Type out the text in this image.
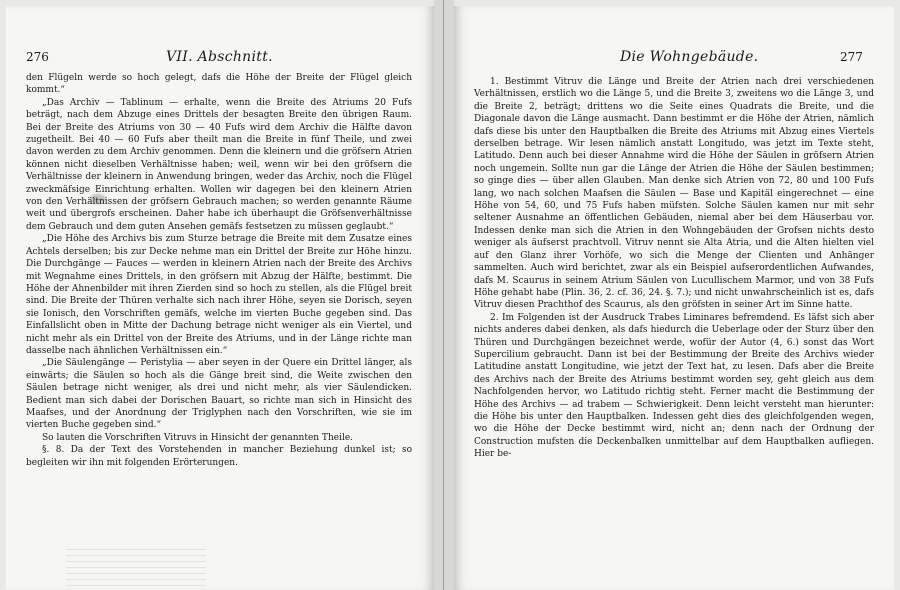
276	VII. Abschnitt.

den Flügeln werde so hoch gelegt, dafs die Höhe der Breite der Flügel gleich kommt.“

„Das Archiv — Tablinum — erhalte, wenn die Breite des Atriums 20 Fufs beträgt, nach dem Abzuge eines Drittels der besagten Breite den übrigen Raum. Bei der Breite des Atriums von 30 — 40 Fufs wird dem Archiv die Hälfte davon zugetheilt. Bei 40 — 60 Fufs aber theilt man die Breite in fünf Theile, und zwei davon werden zu dem Archiv genommen. Denn die kleinern und die gröfsern Atrien können nicht dieselben Verhältnisse haben; weil, wenn wir bei den gröfsern die Verhältnisse der kleinern in Anwendung bringen, weder das Archiv, noch die Flügel zweckmäfsige Einrichtung erhalten. Wollen wir dagegen bei den kleinern Atrien von den Verhältnissen der gröfsern Gebrauch machen; so werden genannte Räume weit und übergrofs erscheinen. Daher habe ich überhaupt die Gröfsenverhältnisse dem Gebrauch und dem guten Ansehen gemäfs festsetzen zu müssen geglaubt.“

„Die Höhe des Archivs bis zum Sturze betrage die Breite mit dem Zusatze eines Achtels derselben; bis zur Decke nehme man ein Drittel der Breite zur Höhe hinzu. Die Durchgänge — Fauces — werden in kleinern Atrien nach der Breite des Archivs mit Wegnahme eines Drittels, in den gröfsern mit Abzug der Hälfte, bestimmt. Die Höhe der Ahnenbilder mit ihren Zierden sind so hoch zu stellen, als die Flügel breit sind. Die Breite der Thüren verhalte sich nach ihrer Höhe, seyen sie Dorisch, seyen sie Ionisch, den Vorschriften gemäfs, welche im vierten Buche gegeben sind. Das Einfallslicht oben in Mitte der Dachung betrage nicht weniger als ein Viertel, und nicht mehr als ein Drittel von der Breite des Atriums, und in der Länge richte man dasselbe nach ähnlichen Verhältnissen ein.“

„Die Säulengänge — Peristylia — aber seyen in der Quere ein Drittel länger, als einwärts; die Säulen so hoch als die Gänge breit sind, die Weite zwischen den Säulen betrage nicht weniger, als drei und nicht mehr, als vier Säulendicken. Bedient man sich dabei der Dorischen Bauart, so richte man sich in Hinsicht des Maafses, und der Anordnung der Triglyphen nach den Vorschriften, wie sie im vierten Buche gegeben sind.“

So lauten die Vorschriften Vitruvs in Hinsicht der genannten Theile.

§. 8. Da der Text des Vorstehenden in mancher Beziehung dunkel ist; so begleiten wir ihn mit folgenden Erörterungen.

Die Wohngebäude.	277

1. Bestimmt Vitruv die Länge und Breite der Atrien nach drei verschiedenen Verhältnissen, erstlich wo die Länge 5, und die Breite 3, zweitens wo die Länge 3, und die Breite 2, beträgt; drittens wo die Seite eines Quadrats die Breite, und die Diagonale davon die Länge ausmacht. Dann bestimmt er die Höhe der Atrien, nämlich dafs diese bis unter den Hauptbalken die Breite des Atriums mit Abzug eines Viertels derselben betrage. Wir lesen nämlich anstatt Longitudo, was jetzt im Texte steht, Latitudo. Denn auch bei dieser Annahme wird die Höhe der Säulen in gröfsern Atrien noch ungemein. Sollte nun gar die Länge der Atrien die Höhe der Säulen bestimmen; so ginge dies — über allen Glauben. Man denke sich Atrien von 72, 80 und 100 Fufs lang, wo nach solchen Maafsen die Säulen — Base und Kapitäl eingerechnet — eine Höhe von 54, 60, und 75 Fufs haben müfsten. Solche Säulen kamen nur mit sehr seltener Ausnahme an öffentlichen Gebäuden, niemal aber bei dem Häuserbau vor. Indessen denke man sich die Atrien in den Wohngebäuden der Grofsen nichts desto weniger als äufserst prachtvoll. Vitruv nennt sie Alta Atria, und die Alten hielten viel auf den Glanz ihrer Vorhöfe, wo sich die Menge der Clienten und Anhänger sammelten. Auch wird berichtet, zwar als ein Beispiel aufserordentlichen Aufwandes, dafs M. Scaurus in seinem Atrium Säulen von Lucullischem Marmor, und von 38 Fufs Höhe gehabt habe (Plin. 36, 2. cf. 36, 24. §. 7.); und nicht unwahrscheinlich ist es, dafs Vitruv diesen Prachthof des Scaurus, als den gröfsten in seiner Art im Sinne hatte.

2. Im Folgenden ist der Ausdruck Trabes Liminares befremdend. Es läfst sich aber nichts anderes dabei denken, als dafs hiedurch die Ueberlage oder der Sturz über den Thüren und Durchgängen bezeichnet werde, wofür der Autor (4, 6.) sonst das Wort Supercilium gebraucht. Dann ist bei der Bestimmung der Breite des Archivs wieder Latitudine anstatt Longitudine, wie jetzt der Text hat, zu lesen. Dafs aber die Breite des Archivs nach der Breite des Atriums bestimmt worden sey, geht gleich aus dem Nachfolgenden hervor, wo Latitudo richtig steht. Ferner macht die Bestimmung der Höhe des Archivs — ad trabem — Schwierigkeit. Denn leicht versteht man hierunter: die Höhe bis unter den Hauptbalken. Indessen geht dies des gleichfolgenden wegen, wo die Höhe der Decke bestimmt wird, nicht an; denn nach der Ordnung der Construction mufsten die Deckenbalken unmittelbar auf dem Hauptbalken aufliegen. Hier be-
